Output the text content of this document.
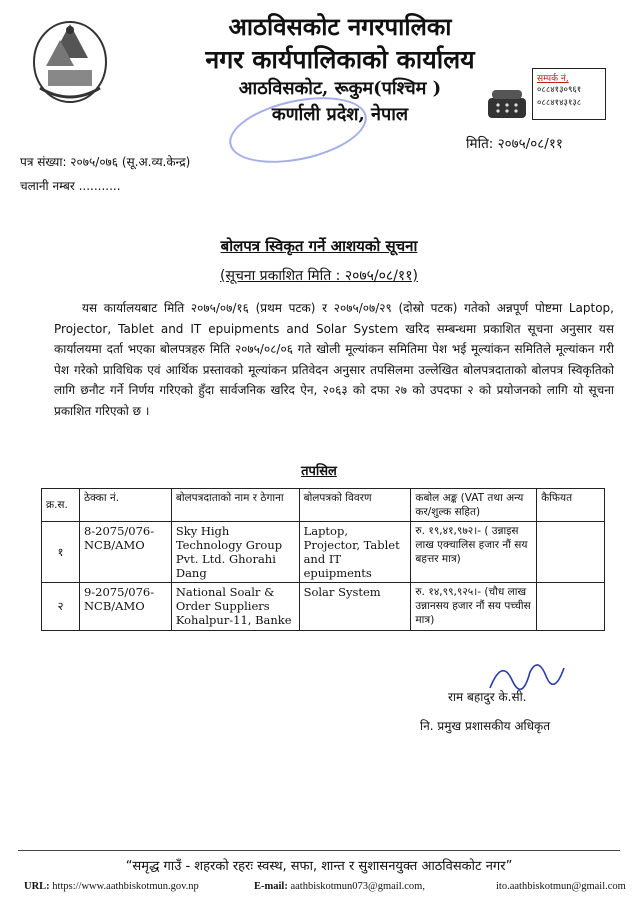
आठविसकोट नगरपालिका
नगर कार्यपालिकाको कार्यालय
आठविसकोट, रूकुम(पश्चिम )
कर्णाली प्रदेश, नेपाल
सम्पर्क नं,
०८८४१३०९६१
०८८४१४३१३८
मिति: २०७५/०८/११
पत्र संख्या: २०७५/०७६ (सू.अ.व्य.केन्द्र)
चलानी नम्बर ...........
बोलपत्र स्विकृत गर्ने आशयको सूचना
(सूचना प्रकाशित मिति : २०७५/०८/११)
यस कार्यालयबाट मिति २०७५/०७/१६ (प्रथम पटक) र २०७५/०७/२९ (दोस्रो पटक) गतेको अन्नपूर्ण पोष्टमा Laptop, Projector, Tablet and IT epuipments and Solar System खरिद सम्बन्धमा प्रकाशित सूचना अनुसार यस कार्यालयमा दर्ता भएका बोलपत्रहरु मिति २०७५/०८/०६ गते खोली मूल्यांकन समितिमा पेश भई मूल्यांकन समितिले मूल्यांकन गरी पेश गरेको प्राविधिक एवं आर्थिक प्रस्तावको मूल्यांकन प्रतिवेदन अनुसार तपसिलमा उल्लेखित बोलपत्रदाताको बोलपत्र स्विकृतिको लागि छनौट गर्ने निर्णय गरिएको हुँदा सार्वजनिक खरिद ऐन, २०६३ को दफा २७ को उपदफा २ को प्रयोजनको लागि यो सूचना प्रकाशित गरिएको छ ।
तपसिल
क्र.स.	ठेक्का नं.	बोलपत्रदाताको नाम र ठेगाना	बोलपत्रको विवरण	कबोल अङ्क (VAT तथा अन्य कर/शुल्क सहित)	कैफियत
१	8-2075/076-NCB/AMO	Sky High Technology Group Pvt. Ltd. Ghorahi Dang	Laptop, Projector, Tablet and IT epuipments	रु. १९,४१,९७२।- ( उन्नाइस लाख एक्चालिस हजार नौं सय बहत्तर मात्र)	
२	9-2075/076-NCB/AMO	National Soalr & Order Suppliers Kohalpur-11, Banke	Solar System	रु. १४,९९,९२५।- (चौध लाख उन्नानसय हजार नौं सय पच्चीस मात्र)	
राम बहादुर के.सी.
नि. प्रमुख प्रशासकीय अधिकृत
“समृद्ध गाउँ - शहरको रहरः स्वस्थ, सफा, शान्त र सुशासनयुक्त आठविसकोट नगर”
URL: https://www.aathbiskotmun.gov.np	E-mail: aathbiskotmun073@gmail.com,	ito.aathbiskotmun@gmail.com
